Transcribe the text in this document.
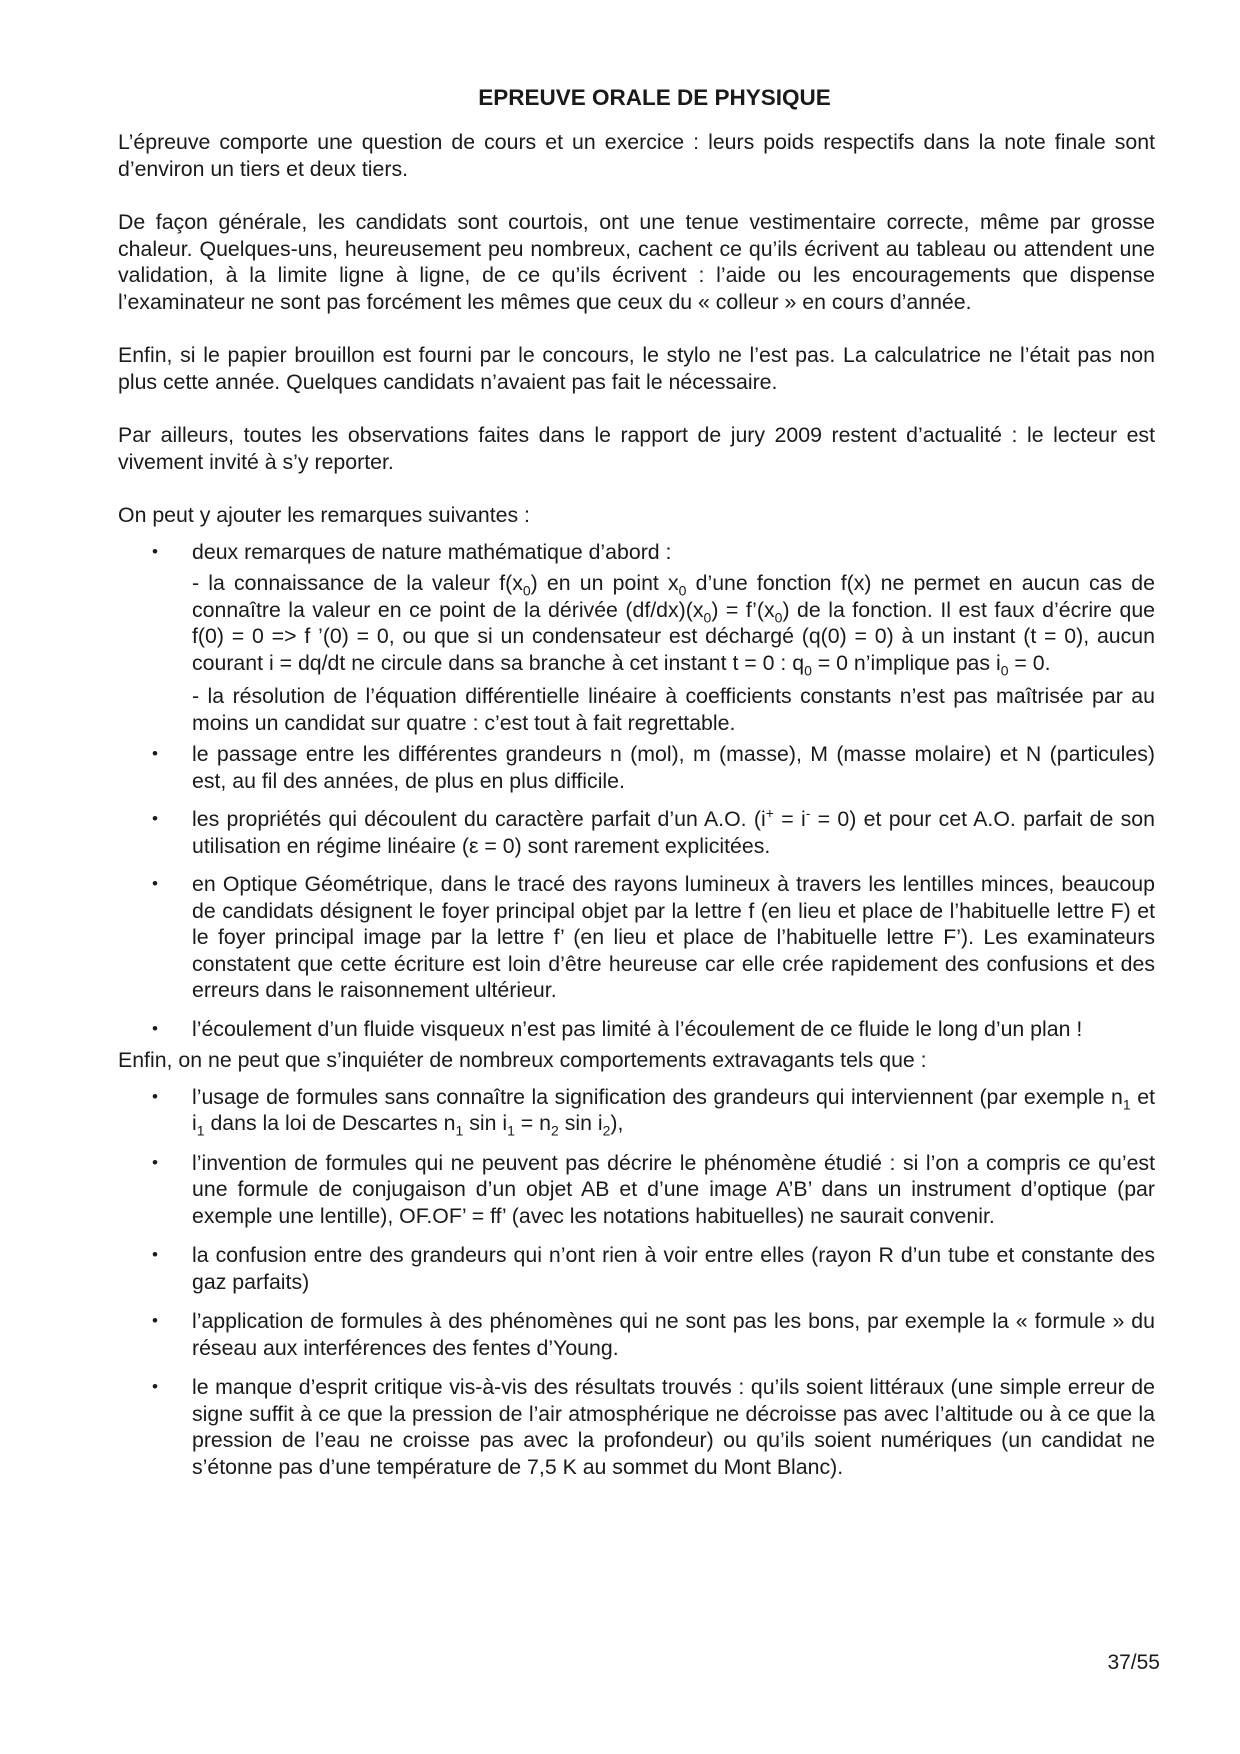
EPREUVE ORALE DE PHYSIQUE

L’épreuve comporte une question de cours et un exercice : leurs poids respectifs dans la note finale sont d’environ un tiers et deux tiers.

De façon générale, les candidats sont courtois, ont une tenue vestimentaire correcte, même par grosse chaleur. Quelques-uns, heureusement peu nombreux, cachent ce qu’ils écrivent au tableau ou attendent une validation, à la limite ligne à ligne, de ce qu’ils écrivent : l’aide ou les encouragements que dispense l’examinateur ne sont pas forcément les mêmes que ceux du « colleur » en cours d’année.

Enfin, si le papier brouillon est fourni par le concours, le stylo ne l’est pas. La calculatrice ne l’était pas non plus cette année. Quelques candidats n’avaient pas fait le nécessaire.

Par ailleurs, toutes les observations faites dans le rapport de jury 2009 restent d’actualité : le lecteur est vivement invité à s’y reporter.

On peut y ajouter les remarques suivantes :

• deux remarques de nature mathématique d’abord :
- la connaissance de la valeur $f(x_0)$ en un point $x_0$ d’une fonction f(x) ne permet en aucun cas de connaître la valeur en ce point de la dérivée $(df/dx)(x_0)$ = $f’(x_0)$ de la fonction. Il est faux d’écrire que f(0) = 0 => f ’(0) = 0, ou que si un condensateur est déchargé (q(0) = 0) à un instant (t = 0), aucun courant i = dq/dt ne circule dans sa branche à cet instant t = 0 : $q_0 = 0$ n’implique pas $i_0 = 0$.
- la résolution de l’équation différentielle linéaire à coefficients constants n’est pas maîtrisée par au moins un candidat sur quatre : c’est tout à fait regrettable.
• le passage entre les différentes grandeurs n (mol), m (masse), M (masse molaire) et N (particules) est, au fil des années, de plus en plus difficile.
• les propriétés qui découlent du caractère parfait d’un A.O. (i+ = i- = 0) et pour cet A.O. parfait de son utilisation en régime linéaire (ε = 0) sont rarement explicitées.
• en Optique Géométrique, dans le tracé des rayons lumineux à travers les lentilles minces, beaucoup de candidats désignent le foyer principal objet par la lettre f (en lieu et place de l’habituelle lettre F) et le foyer principal image par la lettre f’ (en lieu et place de l’habituelle lettre F’). Les examinateurs constatent que cette écriture est loin d’être heureuse car elle crée rapidement des confusions et des erreurs dans le raisonnement ultérieur.
• l’écoulement d’un fluide visqueux n’est pas limité à l’écoulement de ce fluide le long d’un plan !

Enfin, on ne peut que s’inquiéter de nombreux comportements extravagants tels que :

• l’usage de formules sans connaître la signification des grandeurs qui interviennent (par exemple $n_1$ et $i_1$ dans la loi de Descartes $n_1$ $\sin i_1 = n_2$ $\sin i_2$),
• l’invention de formules qui ne peuvent pas décrire le phénomène étudié : si l’on a compris ce qu’est une formule de conjugaison d’un objet AB et d’une image A’B’ dans un instrument d’optique (par exemple une lentille), OF.OF’ = ff’ (avec les notations habituelles) ne saurait convenir.
• la confusion entre des grandeurs qui n’ont rien à voir entre elles (rayon R d’un tube et constante des gaz parfaits)
• l’application de formules à des phénomènes qui ne sont pas les bons, par exemple la « formule » du réseau aux interférences des fentes d’Young.
• le manque d’esprit critique vis-à-vis des résultats trouvés : qu’ils soient littéraux (une simple erreur de signe suffit à ce que la pression de l’air atmosphérique ne décroisse pas avec l’altitude ou à ce que la pression de l’eau ne croisse pas avec la profondeur) ou qu’ils soient numériques (un candidat ne s’étonne pas d’une température de 7,5 K au sommet du Mont Blanc).
37/55
